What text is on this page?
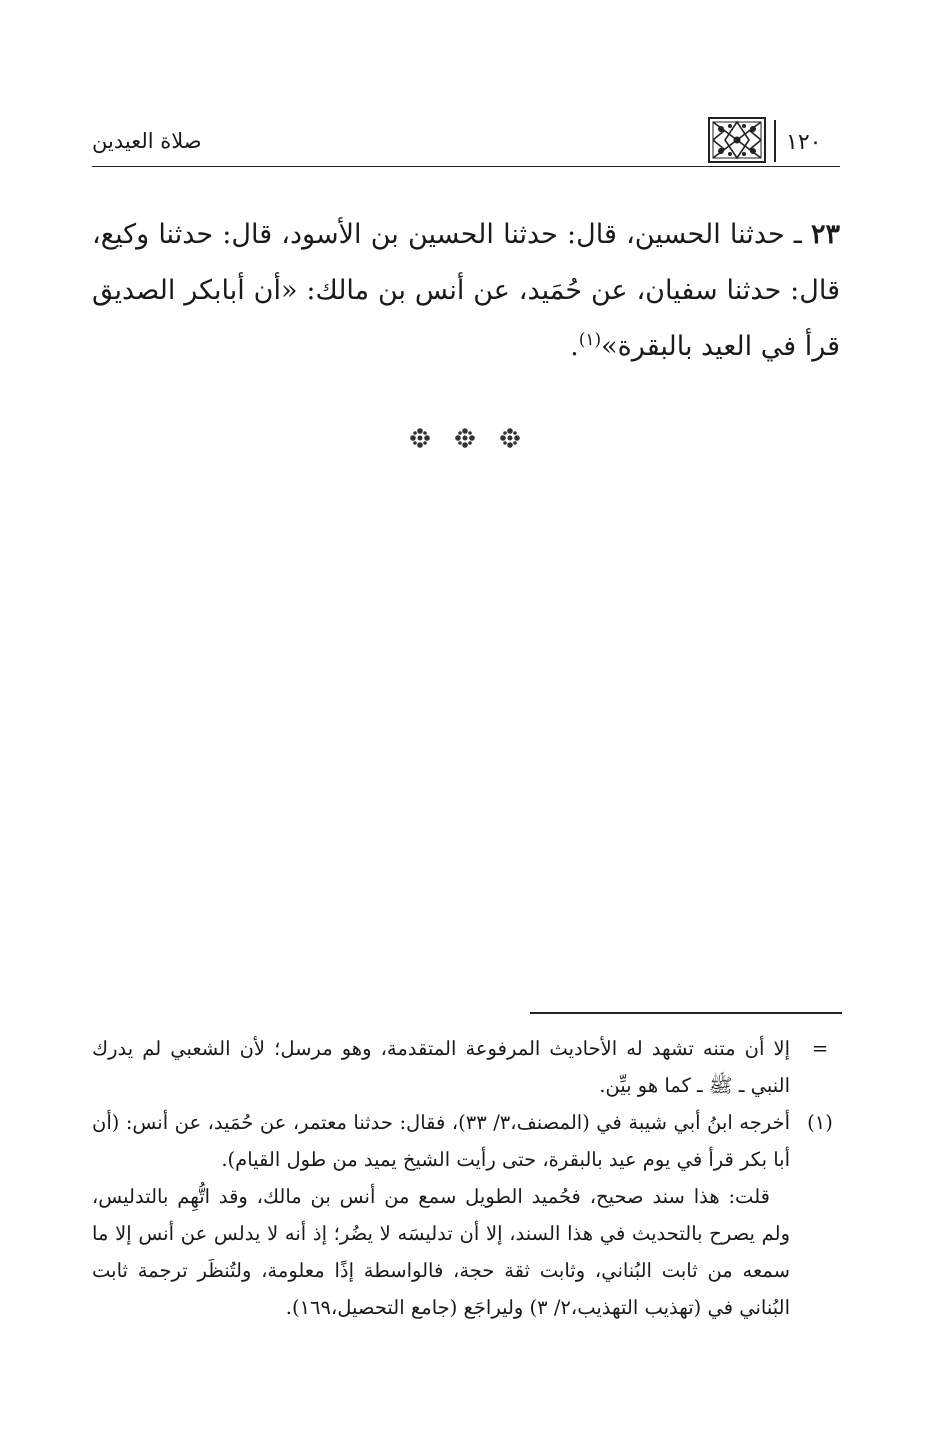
١٢٠
صلاة العيدين

٢٣ ـ حدثنا الحسين، قال: حدثنا الحسين بن الأسود، قال: حدثنا وكيع، قال: حدثنا سفيان، عن حُمَيد، عن أنس بن مالك: «أن أبابكر الصديق قرأ في العيد بالبقرة»$^{(١)}$.

=
إلا أن متنه تشهد له الأحاديث المرفوعة المتقدمة، وهو مرسل؛ لأن الشعبي لم يدرك النبي ـ ﷺ ـ كما هو بيِّن.
(١)
أخرجه ابنُ أبي شيبة في (المصنف،٣/ ٣٣)، فقال: حدثنا معتمر، عن حُمَيد، عن أنس: (أن أبا بكر قرأ في يوم عيد بالبقرة، حتى رأيت الشيخ يميد من طول القيام).
قلت: هذا سند صحيح، فحُميد الطويل سمع من أنس بن مالك، وقد اتُّهِم بالتدليس، ولم يصرح بالتحديث في هذا السند، إلا أن تدليسَه لا يضُر؛ إذ أنه لا يدلس عن أنس إلا ما سمعه من ثابت البُناني، وثابت ثقة حجة، فالواسطة إذًا معلومة، ولتُنظَر ترجمة ثابت البُناني في (تهذيب التهذيب،٢/ ٣) وليراجَع (جامع التحصيل،١٦٩).
